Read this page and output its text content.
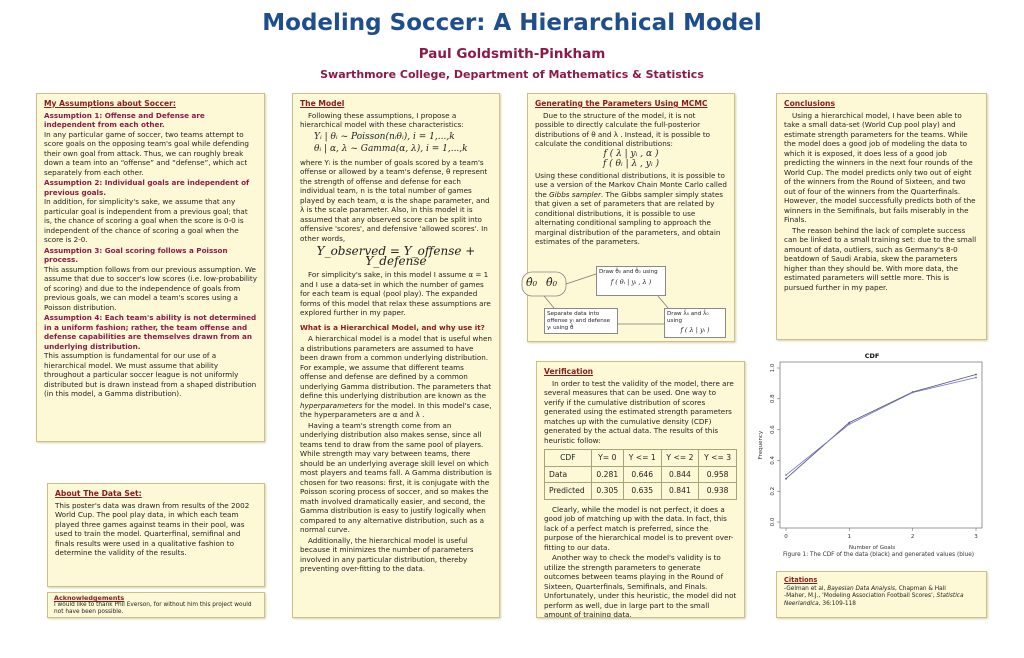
Modeling Soccer: A Hierarchical Model
Paul Goldsmith-Pinkham
Swarthmore College, Department of Mathematics & Statistics
My Assumptions about Soccer:
Assumption 1: Offense and Defense are independent from each other.
In any particular game of soccer, two teams attempt to score goals on the opposing team's goal while defending their own goal from attack. Thus, we can roughly break down a team into an “offense” and “defense”, which act separately from each other.
Assumption 2: Individual goals are independent of previous goals.
In addition, for simplicity's sake, we assume that any particular goal is independent from a previous goal; that is, the chance of scoring a goal when the score is 0-0 is independent of the chance of scoring a goal when the score is 2-0.
Assumption 3: Goal scoring follows a Poisson process.
This assumption follows from our previous assumption. We assume that due to soccer's low scores (i.e. low-probability of scoring) and due to the independence of goals from previous goals, we can model a team's scores using a Poisson distribution.
Assumption 4: Each team's ability is not determined in a uniform fashion; rather, the team offense and defense capabilities are themselves drawn from an underlying distribution.
This assumption is fundamental for our use of a hierarchical model. We must assume that ability throughout a particular soccer league is not uniformly distributed but is drawn instead from a shaped distribution (in this model, a Gamma distribution).
About The Data Set:
This poster's data was drawn from results of the 2002 World Cup. The pool play data, in which each team played three games against teams in their pool, was used to train the model. Quarterfinal, semifinal and finals results were used in a qualitative fashion to determine the validity of the results.
Acknowledgements
I would like to thank Phil Everson, for without him this project would not have been possible.
The Model
Following these assumptions, I propose a hierarchical model with these characteristics:
Yᵢ | θᵢ ~ Poisson(nᵢθᵢ), i = 1,...,k
θᵢ | α, λ ~ Gamma(α, λ), i = 1,...,k
where Yᵢ is the number of goals scored by a team's offense or allowed by a team's defense, θ represent the strength of offense and defense for each individual team, n is the total number of games played by each team, α is the shape parameter, and λ is the scale parameter. Also, in this model it is assumed that any observed score can be split into offensive 'scores', and defensive 'allowed scores'. In other words,
Y_observed = Y_offense + Y_defense
For simplicity's sake, in this model I assume α = 1 and I use a data-set in which the number of games for each team is equal (pool play). The expanded forms of this model that relax these assumptions are explored further in my paper.
What is a Hierarchical Model, and why use it?
A hierarchical model is a model that is useful when a distributions parameters are assumed to have been drawn from a common underlying distribution. For example, we assume that different teams offense and defense are defined by a common underlying Gamma distribution. The parameters that define this underlying distribution are known as the hyperparameters for the model. In this model's case, the hyperparameters are α and λ .
Having a team's strength come from an underlying distribution also makes sense, since all teams tend to draw from the same pool of players. While strength may vary between teams, there should be an underlying average skill level on which most players and teams fall. A Gamma distribution is chosen for two reasons: first, it is conjugate with the Poisson scoring process of soccer, and so makes the math involved dramatically easier, and second, the Gamma distribution is easy to justify logically when compared to any alternative distribution, such as a normal curve.
Additionally, the hierarchical model is useful because it minimizes the number of parameters involved in any particular distribution, thereby preventing over-fitting to the data.
Generating the Parameters Using MCMC
Due to the structure of the model, it is not possible to directly calculate the full-posterior distributions of θ and λ . Instead, it is possible to calculate the conditional distributions:
f ( λ | yᵢ , α )
f ( θᵢ | λ , yᵢ )
Using these conditional distributions, it is possible to use a version of the Markov Chain Monte Carlo called the Gibbs sampler. The Gibbs sampler simply states that given a set of parameters that are related by conditional distributions, it is possible to use alternating conditional sampling to approach the marginal distribution of the parameters, and obtain estimates of the parameters.
θ̂₀ θ̂₀
Draw θ̂₀ and θ̂₀ using
f ( θᵢ | yᵢ , λ )
Separate data into offense yᵢ and defense yᵢ using θ̂
Draw λ̂₀ and λ̂₀ using
f ( λ | yᵢ )
Verification
In order to test the validity of the model, there are several measures that can be used. One way to verify if the cumulative distribution of scores generated using the estimated strength parameters matches up with the cumulative density (CDF) generated by the actual data. The results of this heuristic follow:
CDF	Y= 0	Y <= 1	Y <= 2	Y <= 3
Data	0.281	0.646	0.844	0.958
Predicted	0.305	0.635	0.841	0.938
Clearly, while the model is not perfect, it does a good job of matching up with the data. In fact, this lack of a perfect match is preferred, since the purpose of the hierarchical model is to prevent over-fitting to our data.
Another way to check the model's validity is to utilize the strength parameters to generate outcomes between teams playing in the Round of Sixteen, Quarterfinals, Semifinals, and Finals. Unfortunately, under this heuristic, the model did not perform as well, due in large part to the small amount of training data.
Conclusions
Using a hierarchical model, I have been able to take a small data-set (World Cup pool play) and estimate strength parameters for the teams. While the model does a good job of modeling the data to which it is exposed, it does less of a good job predicting the winners in the next four rounds of the World Cup. The model predicts only two out of eight of the winners from the Round of Sixteen, and two out of four of the winners from the Quarterfinals. However, the model successfully predicts both of the winners in the Semifinals, but fails miserably in the Finals.
The reason behind the lack of complete success can be linked to a small training set: due to the small amount of data, outliers, such as Germany's 8-0 beatdown of Saudi Arabia, skew the parameters higher than they should be. With more data, the estimated parameters will settle more. This is pursued further in my paper.
CDF
0.0
0.2
0.4
0.6
0.8
1.0
0	1	2	3
Number of Goals
Frequency
Figure 1: The CDF of the data (black) and generated values (blue)
Citations
-Gelman et al, Bayesian Data Analysis, Chapman & Hall
-Maher, M.J., ‘Modeling Association Football Scores’, Statistica Neerlandica, 36:109-118
